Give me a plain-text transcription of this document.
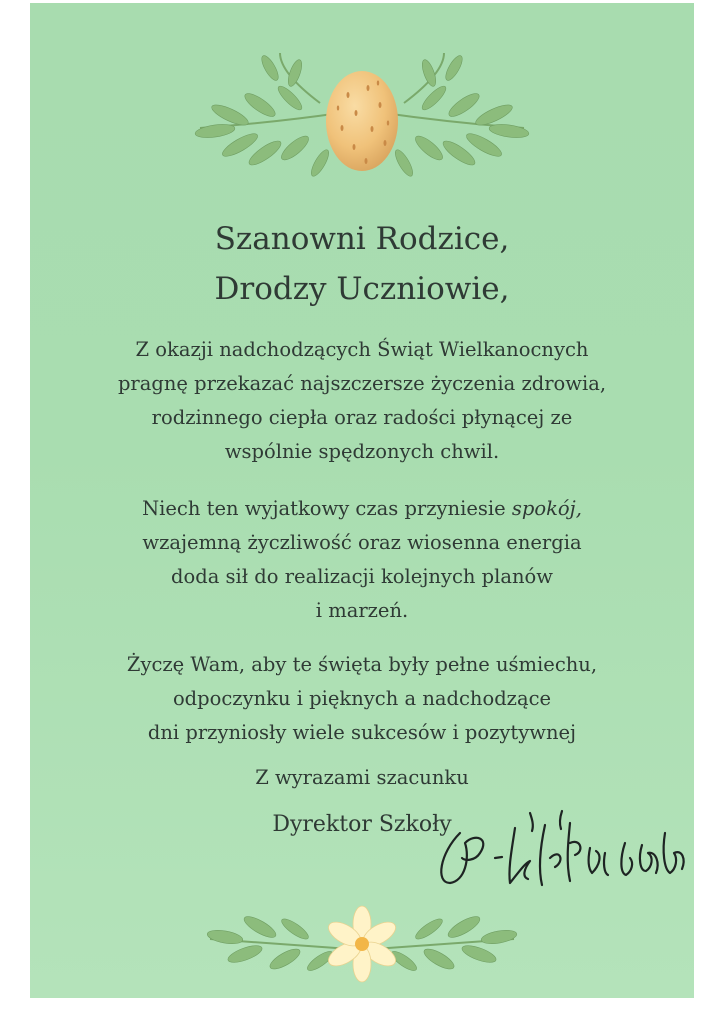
Szanowni Rodzice,
Drodzy Uczniowie,

Z okazji nadchodzących Świąt Wielkanocnych
pragnę przekazać najszczersze życzenia zdrowia,
rodzinnego ciepła oraz radości płynącej ze
wspólnie spędzonych chwil.

Niech ten wyjatkowy czas przyniesie spokój,
wzajemną życzliwość oraz wiosenna energia
doda sił do realizacji kolejnych planów
i marzeń.

Życzę Wam, aby te święta były pełne uśmiechu,
odpoczynku i pięknych a nadchodzące
dni przyniosły wiele sukcesów i pozytywnej

Z wyrazami szacunku

Dyrektor Szkoły
